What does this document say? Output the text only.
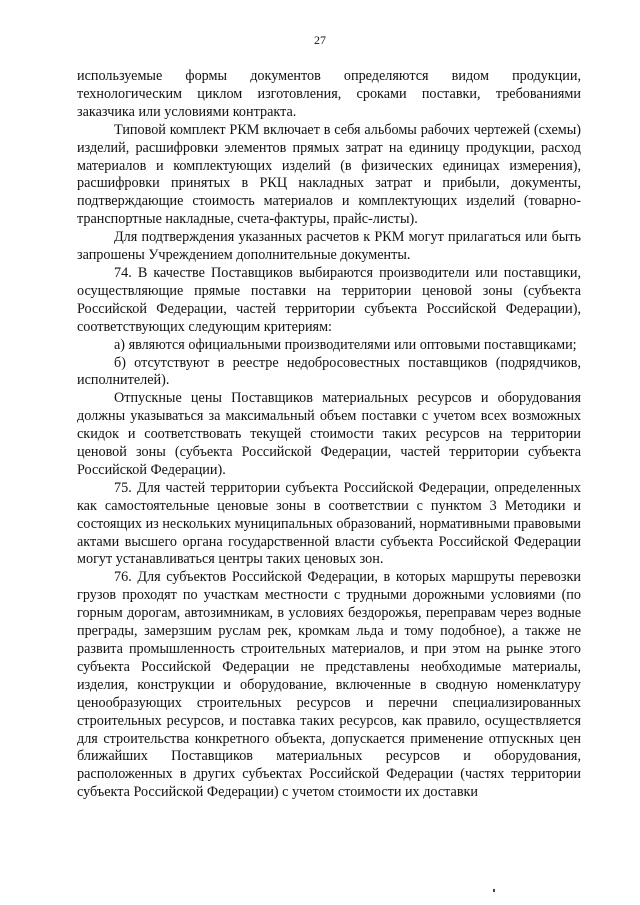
27

используемые формы документов определяются видом продукции, технологическим циклом изготовления, сроками поставки, требованиями заказчика или условиями контракта.

Типовой комплект РКМ включает в себя альбомы рабочих чертежей (схемы) изделий, расшифровки элементов прямых затрат на единицу продукции, расход материалов и комплектующих изделий (в физических единицах измерения), расшифровки принятых в РКЦ накладных затрат и прибыли, документы, подтверждающие стоимость материалов и комплектующих изделий (товарно-транспортные накладные, счета-фактуры, прайс-листы).

Для подтверждения указанных расчетов к РКМ могут прилагаться или быть запрошены Учреждением дополнительные документы.

74. В качестве Поставщиков выбираются производители или поставщики, осуществляющие прямые поставки на территории ценовой зоны (субъекта Российской Федерации, частей территории субъекта Российской Федерации), соответствующих следующим критериям:

а) являются официальными производителями или оптовыми поставщиками;

б) отсутствуют в реестре недобросовестных поставщиков (подрядчиков, исполнителей).

Отпускные цены Поставщиков материальных ресурсов и оборудования должны указываться за максимальный объем поставки с учетом всех возможных скидок и соответствовать текущей стоимости таких ресурсов на территории ценовой зоны (субъекта Российской Федерации, частей территории субъекта Российской Федерации).

75. Для частей территории субъекта Российской Федерации, определенных как самостоятельные ценовые зоны в соответствии с пунктом 3 Методики и состоящих из нескольких муниципальных образований, нормативными правовыми актами высшего органа государственной власти субъекта Российской Федерации могут устанавливаться центры таких ценовых зон.

76. Для субъектов Российской Федерации, в которых маршруты перевозки грузов проходят по участкам местности с трудными дорожными условиями (по горным дорогам, автозимникам, в условиях бездорожья, переправам через водные преграды, замерзшим руслам рек, кромкам льда и тому подобное), а также не развита промышленность строительных материалов, и при этом на рынке этого субъекта Российской Федерации не представлены необходимые материалы, изделия, конструкции и оборудование, включенные в сводную номенклатуру ценообразующих строительных ресурсов и перечни специализированных строительных ресурсов, и поставка таких ресурсов, как правило, осуществляется для строительства конкретного объекта, допускается применение отпускных цен ближайших Поставщиков материальных ресурсов и оборудования, расположенных в других субъектах Российской Федерации (частях территории субъекта Российской Федерации) с учетом стоимости их доставки
